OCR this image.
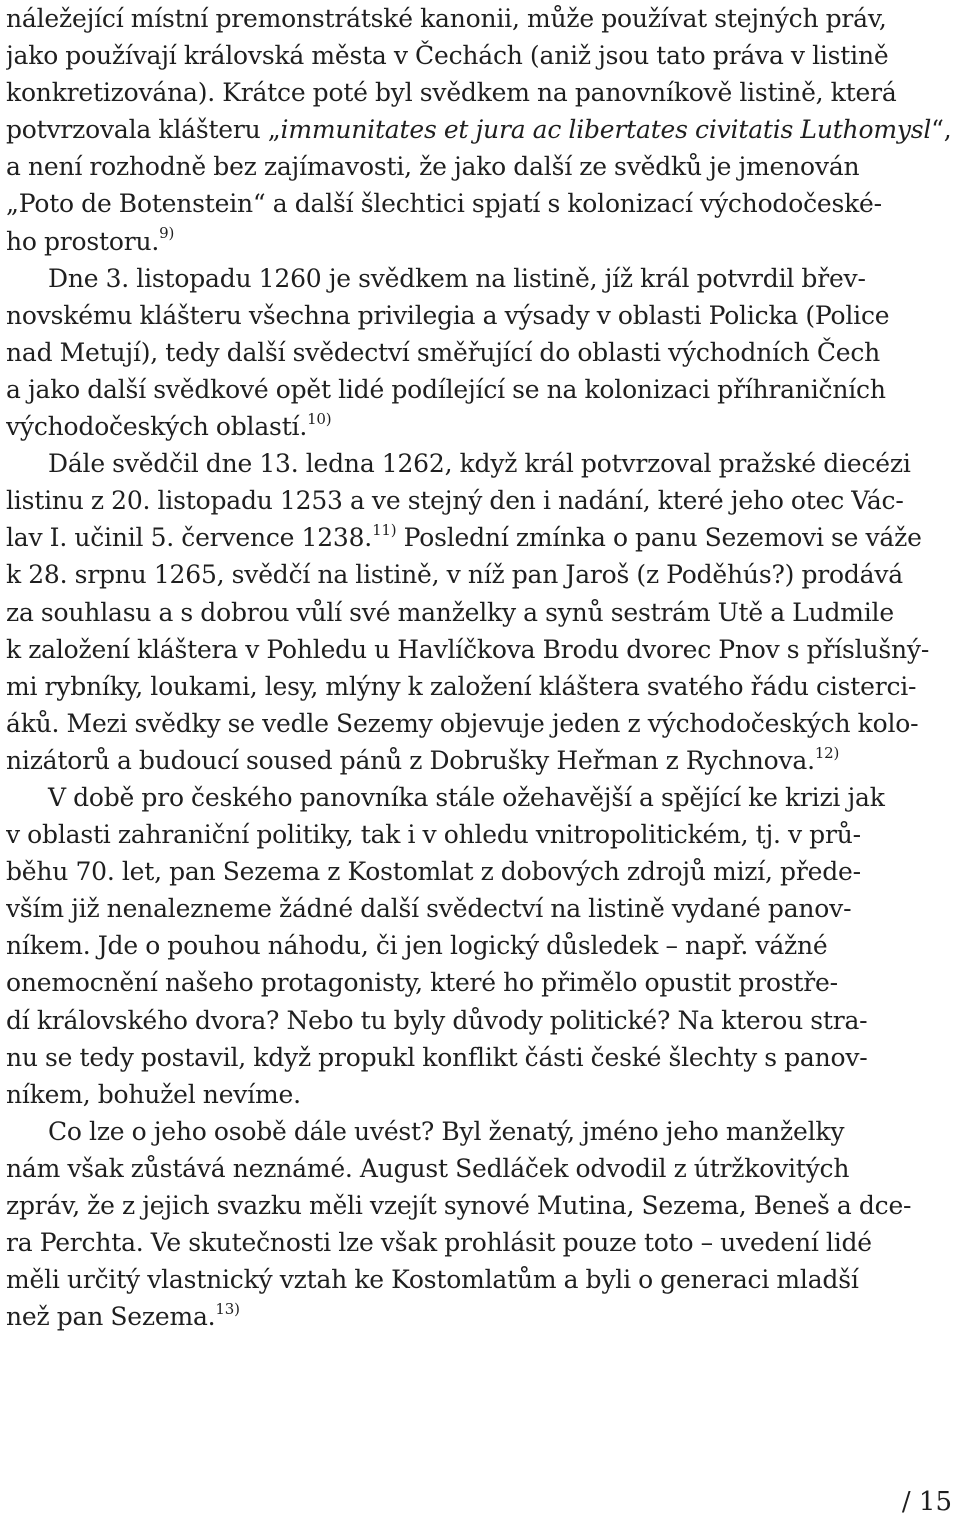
náležející místní premonstrátské kanonii, může používat stejných práv,
jako používají královská města v Čechách (aniž jsou tato práva v listině
konkretizována). Krátce poté byl svědkem na panovníkově listině, která
potvrzovala klášteru „immunitates et jura ac libertates civitatis Luthomysl“,
a není rozhodně bez zajímavosti, že jako další ze svědků je jmenován
„Poto de Botenstein“ a další šlechtici spjatí s kolonizací východočeské-
ho prostoru.$^{9)}$
Dne 3. listopadu 1260 je svědkem na listině, jíž král potvrdil břev-
novskému klášteru všechna privilegia a výsady v oblasti Policka (Police
nad Metují), tedy další svědectví směřující do oblasti východních Čech
a jako další svědkové opět lidé podílející se na kolonizaci příhraničních
východočeských oblastí.$^{10)}$
Dále svědčil dne 13. ledna 1262, když král potvrzoval pražské diecézi
listinu z 20. listopadu 1253 a ve stejný den i nadání, které jeho otec Vác-
lav I. učinil 5. července 1238.$^{11)}$ Poslední zmínka o panu Sezemovi se váže
k 28. srpnu 1265, svědčí na listině, v níž pan Jaroš (z Poděhús?) prodává
za souhlasu a s dobrou vůlí své manželky a synů sestrám Utě a Ludmile
k založení kláštera v Pohledu u Havlíčkova Brodu dvorec Pnov s příslušný-
mi rybníky, loukami, lesy, mlýny k založení kláštera svatého řádu cisterci-
áků. Mezi svědky se vedle Sezemy objevuje jeden z východočeských kolo-
nizátorů a budoucí soused pánů z Dobrušky Heřman z Rychnova.$^{12)}$
V době pro českého panovníka stále ožehavější a spějící ke krizi jak
v oblasti zahraniční politiky, tak i v ohledu vnitropolitickém, tj. v prů-
běhu 70. let, pan Sezema z Kostomlat z dobových zdrojů mizí, přede-
vším již nenalezneme žádné další svědectví na listině vydané panov-
níkem. Jde o pouhou náhodu, či jen logický důsledek – např. vážné
onemocnění našeho protagonisty, které ho přimělo opustit prostře-
dí královského dvora? Nebo tu byly důvody politické? Na kterou stra-
nu se tedy postavil, když propukl konflikt části české šlechty s panov-
níkem, bohužel nevíme.
Co lze o jeho osobě dále uvést? Byl ženatý, jméno jeho manželky
nám však zůstává neznámé. August Sedláček odvodil z útržkovitých
zpráv, že z jejich svazku měli vzejít synové Mutina, Sezema, Beneš a dce-
ra Perchta. Ve skutečnosti lze však prohlásit pouze toto – uvedení lidé
měli určitý vlastnický vztah ke Kostomlatům a byli o generaci mladší
než pan Sezema.$^{13)}$
/ 15
